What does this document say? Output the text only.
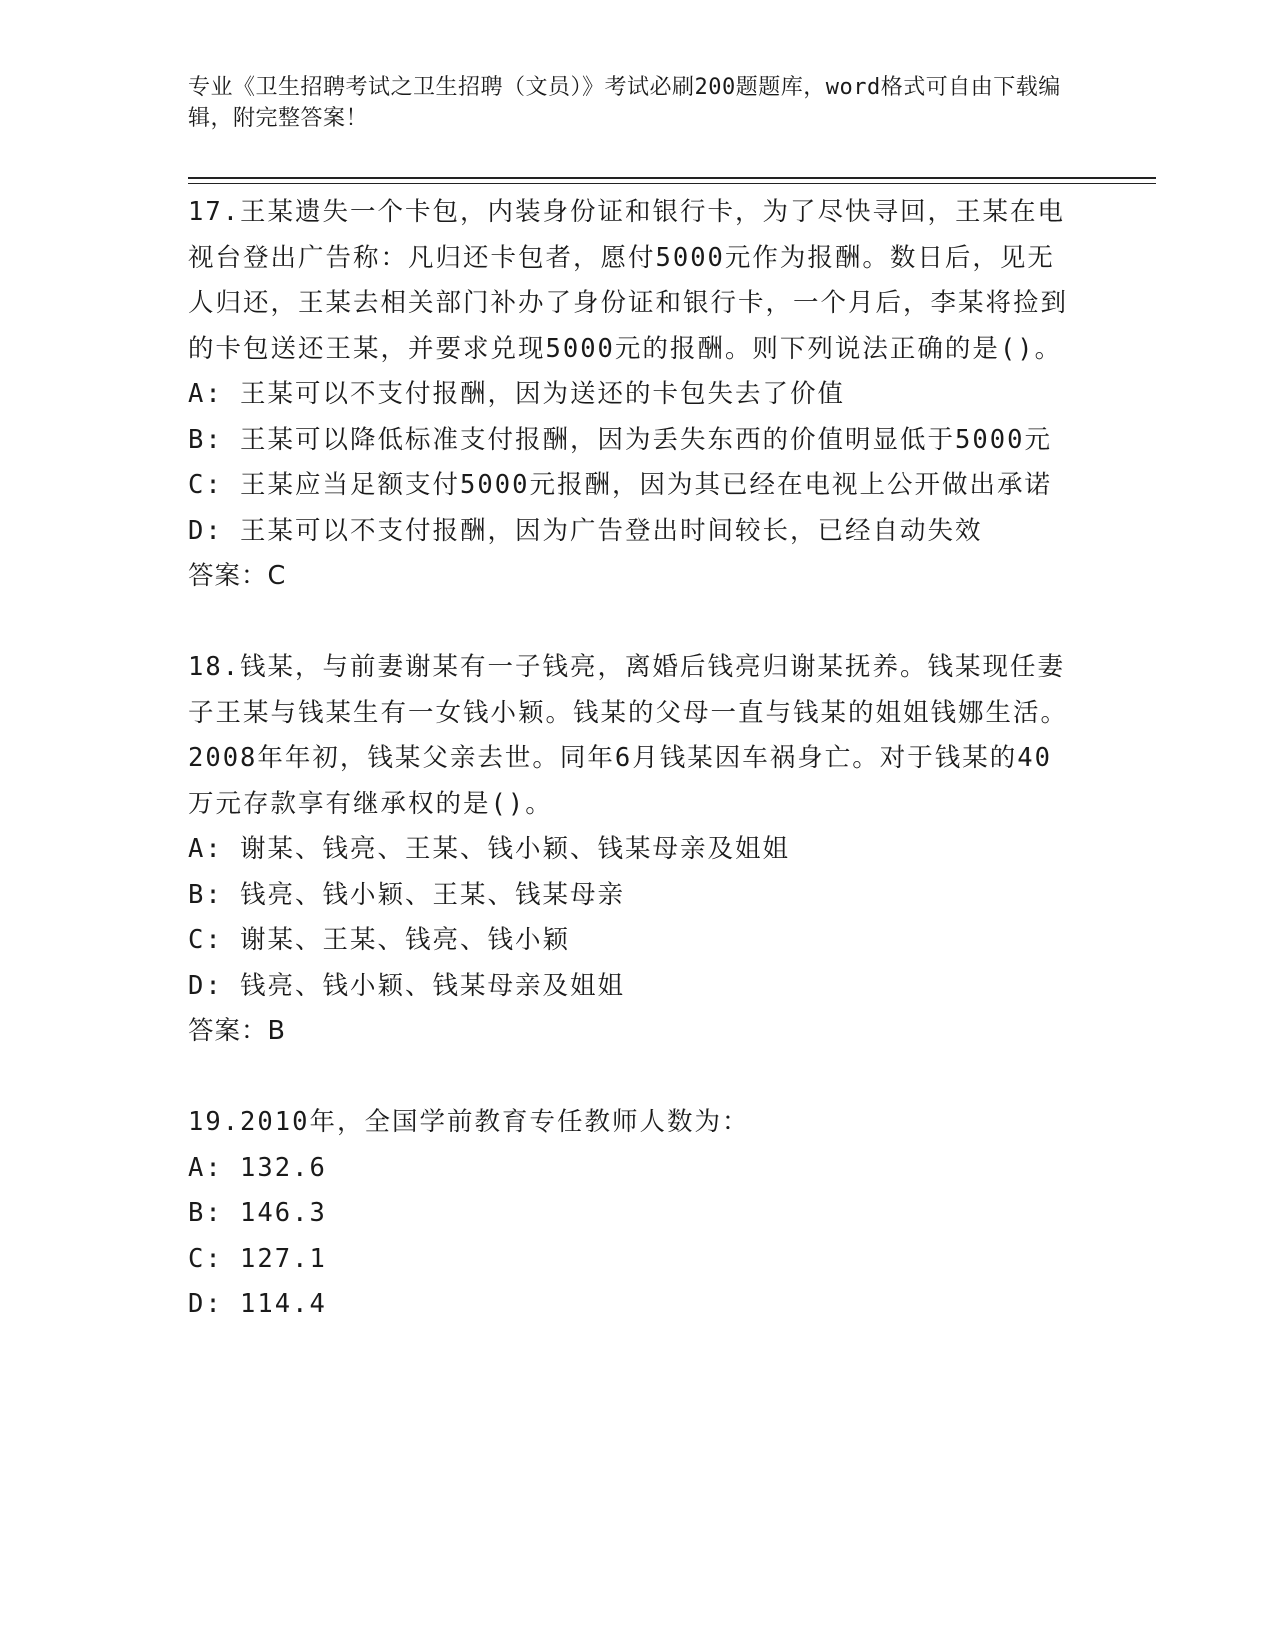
专业《卫生招聘考试之卫生招聘（文员）》考试必刷200题题库，word格式可自由下载编辑，附完整答案！

17.王某遗失一个卡包，内装身份证和银行卡，为了尽快寻回，王某在电视台登出广告称：凡归还卡包者，愿付5000元作为报酬。数日后，见无人归还，王某去相关部门补办了身份证和银行卡，一个月后，李某将捡到的卡包送还王某，并要求兑现5000元的报酬。则下列说法正确的是()。

A: 王某可以不支付报酬，因为送还的卡包失去了价值

B: 王某可以降低标准支付报酬，因为丢失东西的价值明显低于5000元

C: 王某应当足额支付5000元报酬，因为其已经在电视上公开做出承诺

D: 王某可以不支付报酬，因为广告登出时间较长，已经自动失效

答案：C

18.钱某，与前妻谢某有一子钱亮，离婚后钱亮归谢某抚养。钱某现任妻子王某与钱某生有一女钱小颖。钱某的父母一直与钱某的姐姐钱娜生活。2008年年初，钱某父亲去世。同年6月钱某因车祸身亡。对于钱某的40万元存款享有继承权的是()。

A: 谢某、钱亮、王某、钱小颖、钱某母亲及姐姐

B: 钱亮、钱小颖、王某、钱某母亲

C: 谢某、王某、钱亮、钱小颖

D: 钱亮、钱小颖、钱某母亲及姐姐

答案：B

19.2010年，全国学前教育专任教师人数为：

A: 132.6

B: 146.3

C: 127.1

D: 114.4
